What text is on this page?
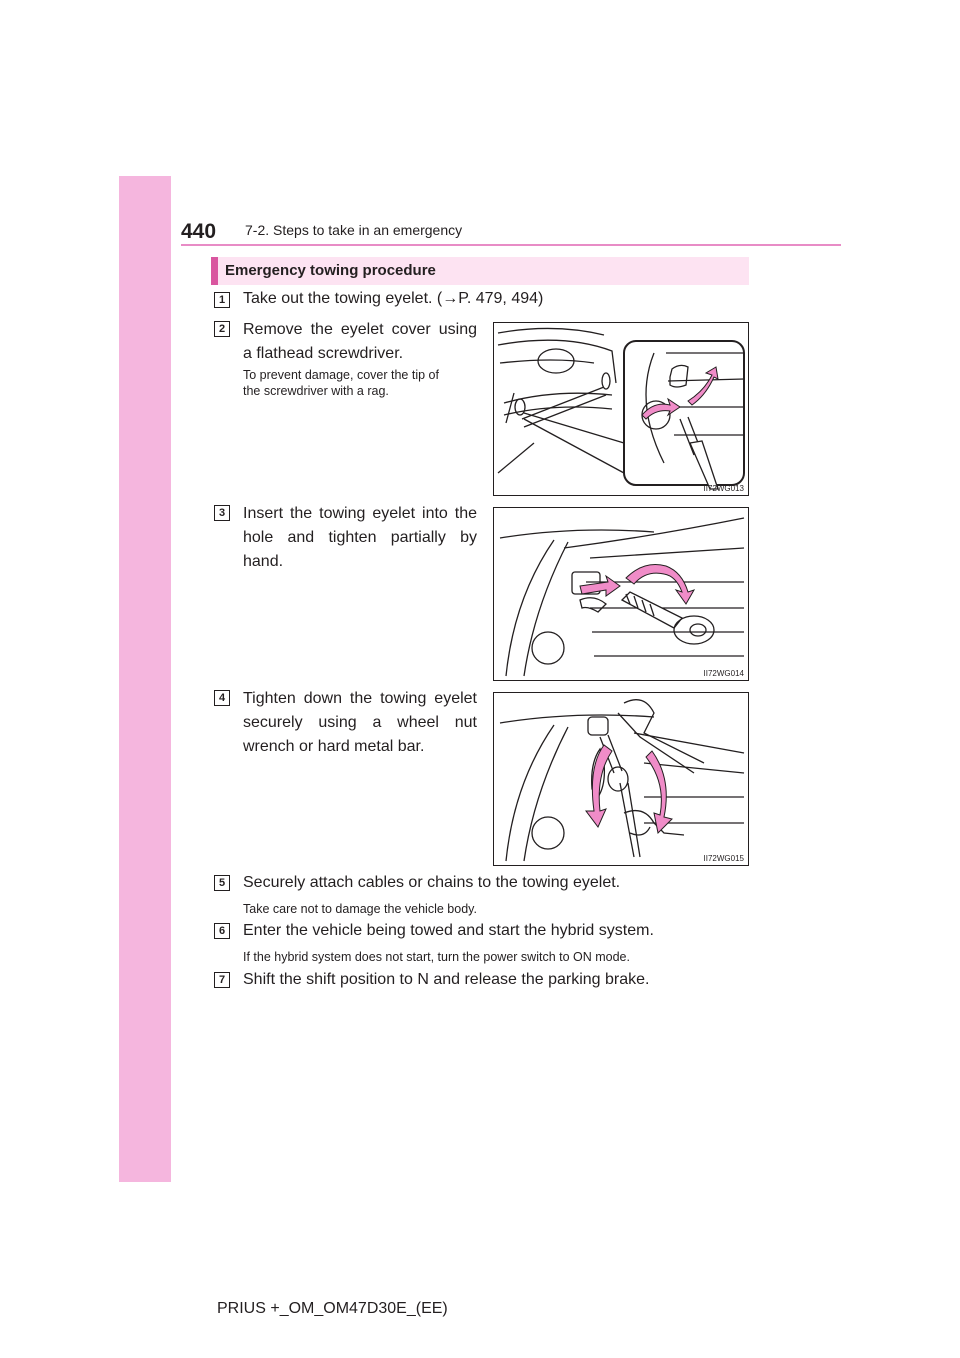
440 7-2. Steps to take in an emergency
Emergency towing procedure
1	Take out the towing eyelet. (→P. 479, 494)
2	Remove the eyelet cover using
a flathead screwdriver.
To prevent damage, cover the tip of
the screwdriver with a rag.
II72WG013
3	Insert the towing eyelet into the
hole and tighten partially by
hand.
II72WG014
4	Tighten down the towing eyelet
securely using a wheel nut
wrench or hard metal bar.
II72WG015
5	Securely attach cables or chains to the towing eyelet.
Take care not to damage the vehicle body.
6	Enter the vehicle being towed and start the hybrid system.
If the hybrid system does not start, turn the power switch to ON mode.
7	Shift the shift position to N and release the parking brake.
PRIUS +_OM_OM47D30E_(EE)
